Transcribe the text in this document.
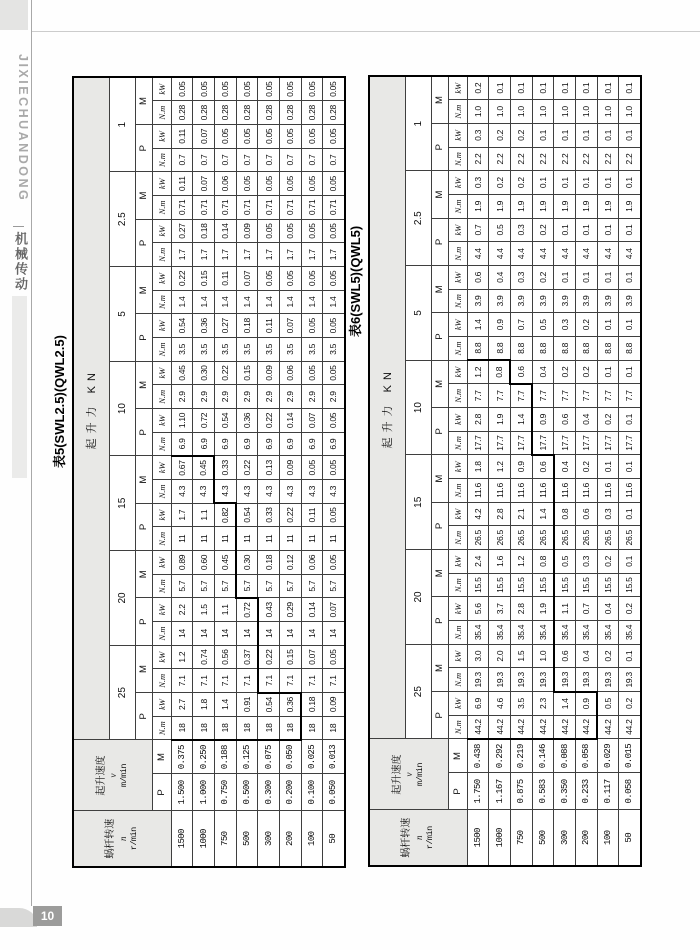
JIXIECHUANDONG
机械传动
表5(SWL2.5)(QWL2.5)
蜗杆转速 n r/min

起升速度 v m/min
	起升力 KN
			25				20				15				10				5				2.5				1			
			P		M		P		M		P		M		P		M		P		M		P		M		P		M	
	P	M	N.m	kW	N.m	kW	N.m	kW	N.m	kW	N.m	kW	N.m	kW	N.m	kW	N.m	kW	N.m	kW	N.m	kW	N.m	kW	N.m	kW	N.m	kW	N.m	kW
1500	1.500	0.375	18	2.7	7.1	1.2	14	2.2	5.7	0.89	11	1.7	4.3	0.67	6.9	1.10	2.9	0.45	3.5	0.54	1.4	0.22	1.7	0.27	0.71	0.11	0.7	0.11	0.28	0.05
1000	1.000	0.250	18	1.8	7.1	0.74	14	1.5	5.7	0.60	11	1.1	4.3	0.45	6.9	0.72	2.9	0.30	3.5	0.36	1.4	0.15	1.7	0.18	0.71	0.07	0.7	0.07	0.28	0.05
750	0.750	0.188	18	1.4	7.1	0.56	14	1.1	5.7	0.45	11	0.82	4.3	0.33	6.9	0.54	2.9	0.22	3.5	0.27	1.4	0.11	1.7	0.14	0.71	0.06	0.7	0.05	0.28	0.05
500	0.500	0.125	18	0.91	7.1	0.37	14	0.72	5.7	0.30	11	0.54	4.3	0.22	6.9	0.36	2.9	0.15	3.5	0.18	1.4	0.07	1.7	0.09	0.71	0.05	0.7	0.05	0.28	0.05
300	0.300	0.075	18	0.54	7.1	0.22	14	0.43	5.7	0.18	11	0.33	4.3	0.13	6.9	0.22	2.9	0.09	3.5	0.11	1.4	0.05	1.7	0.05	0.71	0.05	0.7	0.05	0.28	0.05
200	0.200	0.050	18	0.36	7.1	0.15	14	0.29	5.7	0.12	11	0.22	4.3	0.09	6.9	0.14	2.9	0.06	3.5	0.07	1.4	0.05	1.7	0.05	0.71	0.05	0.7	0.05	0.28	0.05
100	0.100	0.025	18	0.18	7.1	0.07	14	0.14	5.7	0.06	11	0.11	4.3	0.05	6.9	0.07	2.9	0.05	3.5	0.05	1.4	0.05	1.7	0.05	0.71	0.05	0.7	0.05	0.28	0.05
50	0.050	0.013	18	0.09	7.1	0.05	14	0.07	5.7	0.05	11	0.05	4.3	0.05	6.9	0.05	2.9	0.05	3.5	0.05	1.4	0.05	1.7	0.05	0.71	0.05	0.7	0.05	0.28	0.05
表6(SWL5)(QWL5)
蜗杆转速 n r/min

起升速度 v m/min
	起升力 KN
			25				20				15				10				5				2.5				1			
			P		M		P		M		P		M		P		M		P		M		P		M		P		M	
	P	M	N.m	kW	N.m	kW	N.m	kW	N.m	kW	N.m	kW	N.m	kW	N.m	kW	N.m	kW	N.m	kW	N.m	kW	N.m	kW	N.m	kW	N.m	kW	N.m	kW
1500	1.750	0.438	44.2	6.9	19.3	3.0	35.4	5.6	15.5	2.4	26.5	4.2	11.6	1.8	17.7	2.8	7.7	1.2	8.8	1.4	3.9	0.6	4.4	0.7	1.9	0.3	2.2	0.3	1.0	0.2
1000	1.167	0.292	44.2	4.6	19.3	2.0	35.4	3.7	15.5	1.6	26.5	2.8	11.6	1.2	17.7	1.9	7.7	0.8	8.8	0.9	3.9	0.4	4.4	0.5	1.9	0.2	2.2	0.2	1.0	0.1
750	0.875	0.219	44.2	3.5	19.3	1.5	35.4	2.8	15.5	1.2	26.5	2.1	11.6	0.9	17.7	1.4	7.7	0.6	8.8	0.7	3.9	0.3	4.4	0.3	1.9	0.2	2.2	0.2	1.0	0.1
500	0.583	0.146	44.2	2.3	19.3	1.0	35.4	1.9	15.5	0.8	26.5	1.4	11.6	0.6	17.7	0.9	7.7	0.4	8.8	0.5	3.9	0.2	4.4	0.2	1.9	0.1	2.2	0.1	1.0	0.1
300	0.350	0.088	44.2	1.4	19.3	0.6	35.4	1.1	15.5	0.5	26.5	0.8	11.6	0.4	17.7	0.6	7.7	0.2	8.8	0.3	3.9	0.1	4.4	0.1	1.9	0.1	2.2	0.1	1.0	0.1
200	0.233	0.058	44.2	0.9	19.3	0.4	35.4	0.7	15.5	0.3	26.5	0.6	11.6	0.2	17.7	0.4	7.7	0.2	8.8	0.2	3.9	0.1	4.4	0.1	1.9	0.1	2.2	0.1	1.0	0.1
100	0.117	0.029	44.2	0.5	19.3	0.2	35.4	0.4	15.5	0.2	26.5	0.3	11.6	0.1	17.7	0.2	7.7	0.1	8.8	0.1	3.9	0.1	4.4	0.1	1.9	0.1	2.2	0.1	1.0	0.1
50	0.058	0.015	44.2	0.2	19.3	0.1	35.4	0.2	15.5	0.1	26.5	0.1	11.6	0.1	17.7	0.1	7.7	0.1	8.8	0.1	3.9	0.1	4.4	0.1	1.9	0.1	2.2	0.1	1.0	0.1
10
